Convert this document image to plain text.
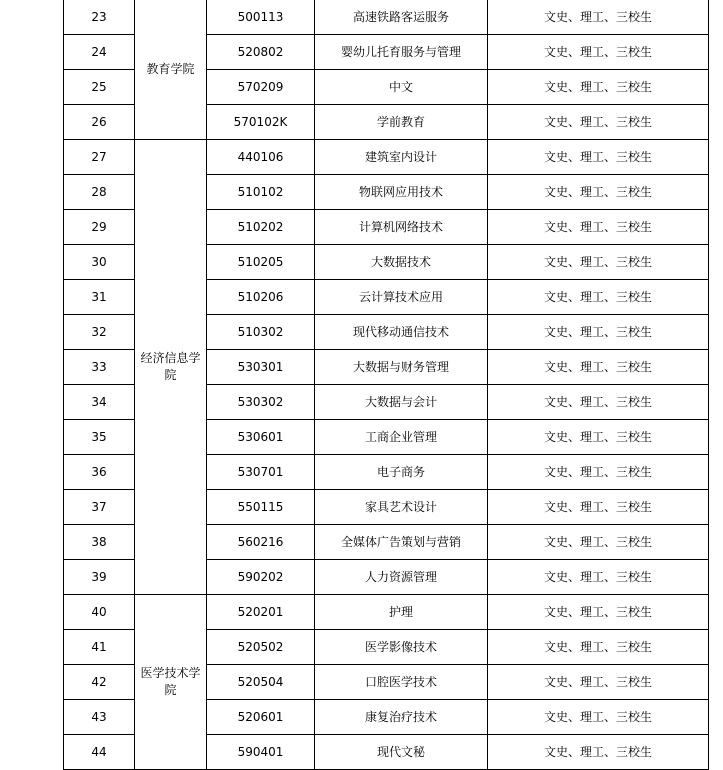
23	教育学院	500113	高速铁路客运服务	文史、理工、三校生
24		520802	婴幼儿托育服务与管理	文史、理工、三校生
25		570209	中文	文史、理工、三校生
26		570102K	学前教育	文史、理工、三校生
27	经济信息学院	440106	建筑室内设计	文史、理工、三校生
28		510102	物联网应用技术	文史、理工、三校生
29		510202	计算机网络技术	文史、理工、三校生
30		510205	大数据技术	文史、理工、三校生
31		510206	云计算技术应用	文史、理工、三校生
32		510302	现代移动通信技术	文史、理工、三校生
33		530301	大数据与财务管理	文史、理工、三校生
34		530302	大数据与会计	文史、理工、三校生
35		530601	工商企业管理	文史、理工、三校生
36		530701	电子商务	文史、理工、三校生
37		550115	家具艺术设计	文史、理工、三校生
38		560216	全媒体广告策划与营销	文史、理工、三校生
39		590202	人力资源管理	文史、理工、三校生
40	医学技术学院	520201	护理	文史、理工、三校生
41		520502	医学影像技术	文史、理工、三校生
42		520504	口腔医学技术	文史、理工、三校生
43		520601	康复治疗技术	文史、理工、三校生
44		590401	现代文秘	文史、理工、三校生
